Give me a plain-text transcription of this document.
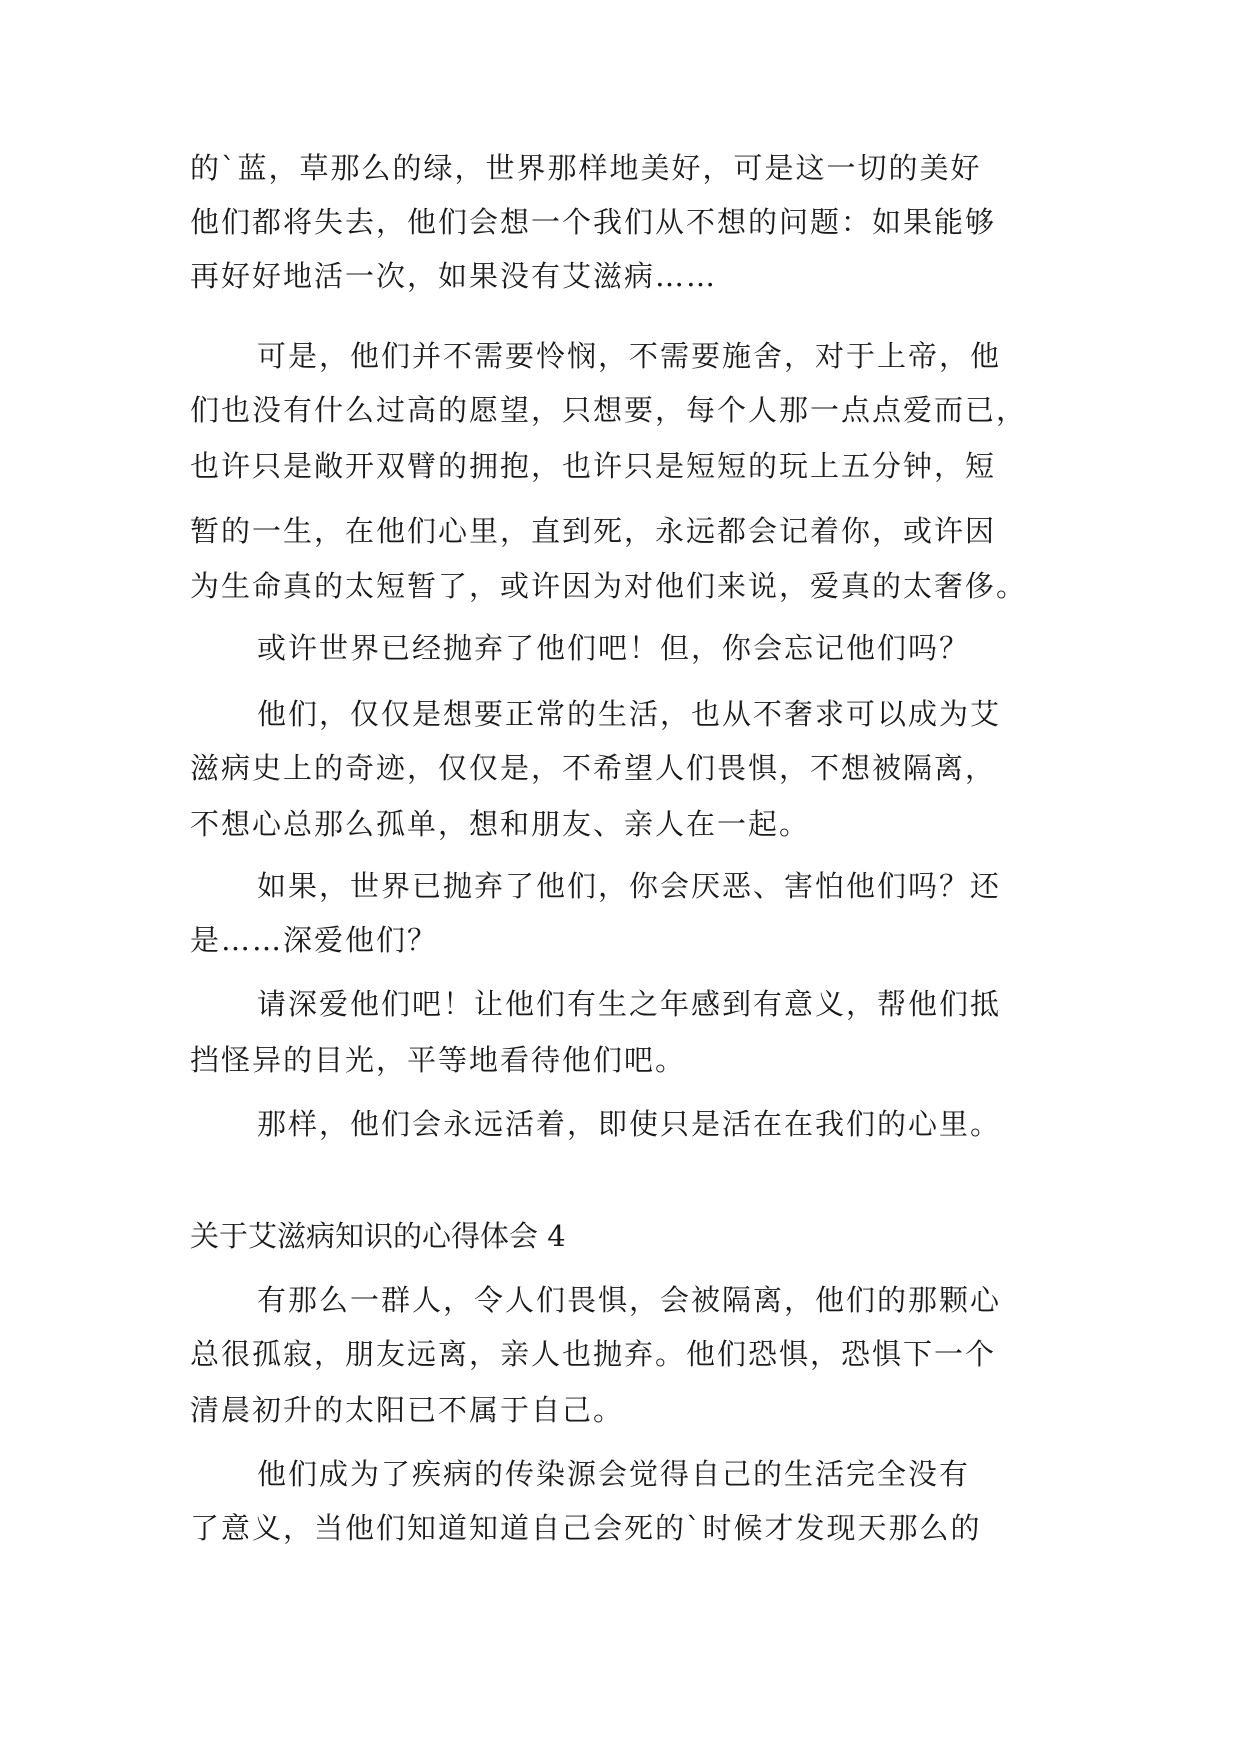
的`蓝，草那么的绿，世界那样地美好，可是这一切的美好
他们都将失去，他们会想一个我们从不想的问题：如果能够
再好好地活一次，如果没有艾滋病……
可是，他们并不需要怜悯，不需要施舍，对于上帝，他
们也没有什么过高的愿望，只想要，每个人那一点点爱而已，
也许只是敞开双臂的拥抱，也许只是短短的玩上五分钟，短
暂的一生，在他们心里，直到死，永远都会记着你，或许因
为生命真的太短暂了，或许因为对他们来说，爱真的太奢侈。
或许世界已经抛弃了他们吧！但，你会忘记他们吗？
他们，仅仅是想要正常的生活，也从不奢求可以成为艾
滋病史上的奇迹，仅仅是，不希望人们畏惧，不想被隔离，
不想心总那么孤单，想和朋友、亲人在一起。
如果，世界已抛弃了他们，你会厌恶、害怕他们吗？还
是……深爱他们？
请深爱他们吧！让他们有生之年感到有意义，帮他们抵
挡怪异的目光，平等地看待他们吧。
那样，他们会永远活着，即使只是活在在我们的心里。
关于艾滋病知识的心得体会 4
有那么一群人，令人们畏惧，会被隔离，他们的那颗心
总很孤寂，朋友远离，亲人也抛弃。他们恐惧，恐惧下一个
清晨初升的太阳已不属于自己。
他们成为了疾病的传染源会觉得自己的生活完全没有
了意义，当他们知道知道自己会死的`时候才发现天那么的
